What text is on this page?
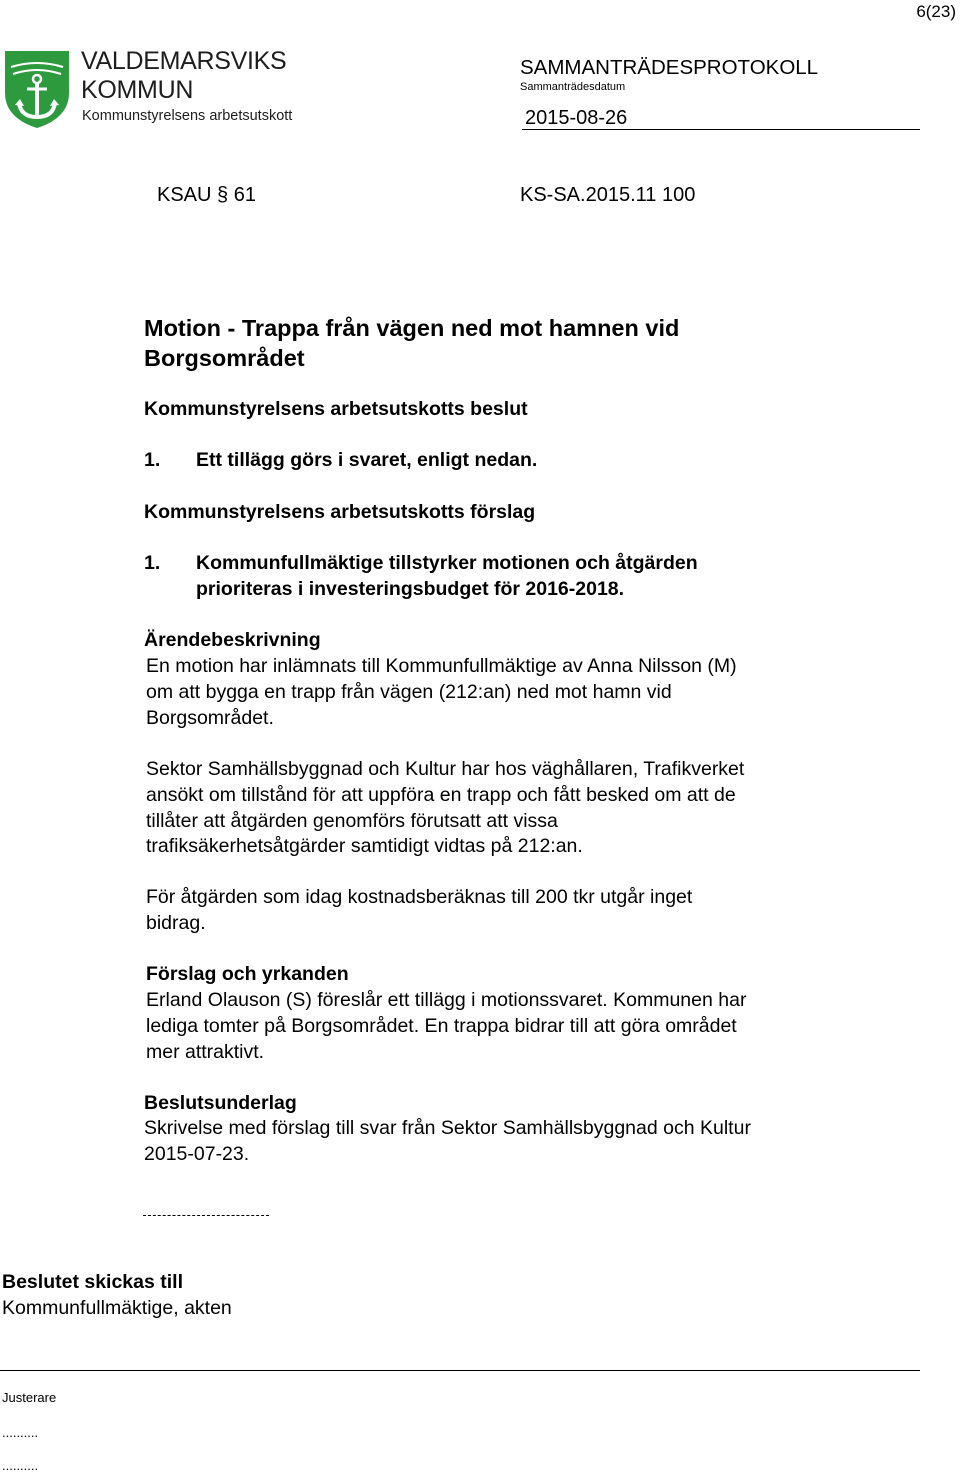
6(23)
VALDEMARSVIKS
KOMMUN
Kommunstyrelsens arbetsutskott
SAMMANTRÄDESPROTOKOLL
Sammanträdesdatum
2015-08-26
KSAU § 61	KS-SA.2015.11 100
Motion - Trappa från vägen ned mot hamnen vid Borgsområdet
Kommunstyrelsens arbetsutskotts beslut
1. Ett tillägg görs i svaret, enligt nedan.
Kommunstyrelsens arbetsutskotts förslag
1. Kommunfullmäktige tillstyrker motionen och åtgärden
prioriteras i investeringsbudget för 2016-2018.
Ärendebeskrivning
En motion har inlämnats till Kommunfullmäktige av Anna Nilsson (M)
om att bygga en trapp från vägen (212:an) ned mot hamn vid
Borgsområdet.
Sektor Samhällsbyggnad och Kultur har hos väghållaren, Trafikverket
ansökt om tillstånd för att uppföra en trapp och fått besked om att de
tillåter att åtgärden genomförs förutsatt att vissa
trafiksäkerhetsåtgärder samtidigt vidtas på 212:an.
För åtgärden som idag kostnadsberäknas till 200 tkr utgår inget
bidrag.
Förslag och yrkanden
Erland Olauson (S) föreslår ett tillägg i motionssvaret. Kommunen har
lediga tomter på Borgsområdet. En trappa bidrar till att göra området
mer attraktivt.
Beslutsunderlag
Skrivelse med förslag till svar från Sektor Samhällsbyggnad och Kultur
2015-07-23.
Beslutet skickas till
Kommunfullmäktige, akten
Justerare
..........
..........
